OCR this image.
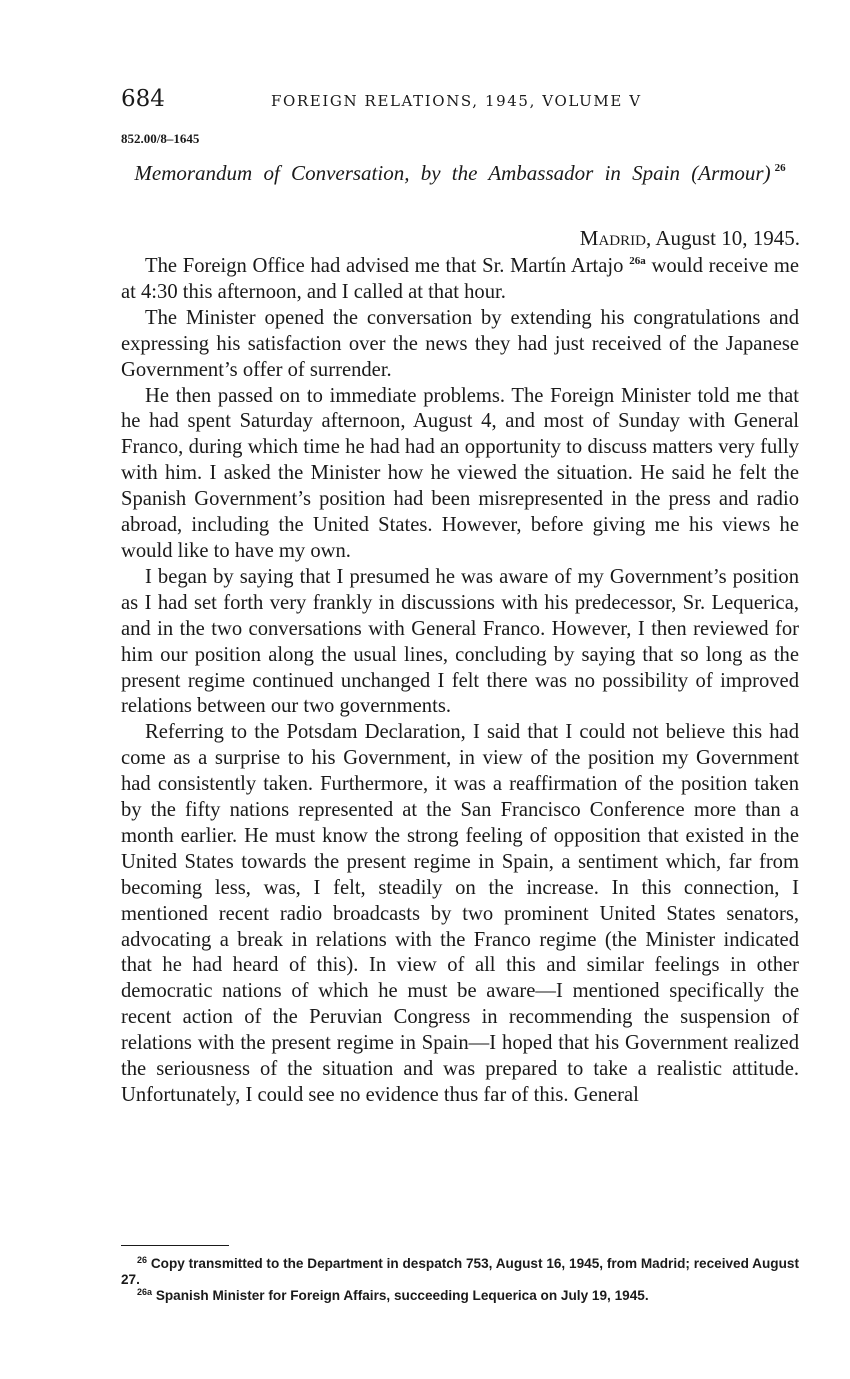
684	FOREIGN RELATIONS, 1945, VOLUME V
852.00/8–1645
Memorandum of Conversation, by the Ambassador in Spain (Armour) $^{26}$
Madrid, August 10, 1945.

The Foreign Office had advised me that Sr. Martín Artajo $^{26a}$ would receive me at 4:30 this afternoon, and I called at that hour.

The Minister opened the conversation by extending his congratulations and expressing his satisfaction over the news they had just received of the Japanese Government’s offer of surrender.

He then passed on to immediate problems. The Foreign Minister told me that he had spent Saturday afternoon, August 4, and most of Sunday with General Franco, during which time he had had an opportunity to discuss matters very fully with him. I asked the Minister how he viewed the situation. He said he felt the Spanish Government’s position had been misrepresented in the press and radio abroad, including the United States. However, before giving me his views he would like to have my own.

I began by saying that I presumed he was aware of my Government’s position as I had set forth very frankly in discussions with his predecessor, Sr. Lequerica, and in the two conversations with General Franco. However, I then reviewed for him our position along the usual lines, concluding by saying that so long as the present regime continued unchanged I felt there was no possibility of improved relations between our two governments.

Referring to the Potsdam Declaration, I said that I could not believe this had come as a surprise to his Government, in view of the position my Government had consistently taken. Furthermore, it was a reaffirmation of the position taken by the fifty nations represented at the San Francisco Conference more than a month earlier. He must know the strong feeling of opposition that existed in the United States towards the present regime in Spain, a sentiment which, far from becoming less, was, I felt, steadily on the increase. In this connection, I mentioned recent radio broadcasts by two prominent United States senators, advocating a break in relations with the Franco regime (the Minister indicated that he had heard of this). In view of all this and similar feelings in other democratic nations of which he must be aware—I mentioned specifically the recent action of the Peruvian Congress in recommending the suspension of relations with the present regime in Spain—I hoped that his Government realized the seriousness of the situation and was prepared to take a realistic attitude. Unfortunately, I could see no evidence thus far of this. General

$^{26}$ Copy transmitted to the Department in despatch 753, August 16, 1945, from Madrid; received August 27.

$^{26a}$ Spanish Minister for Foreign Affairs, succeeding Lequerica on July 19, 1945.
